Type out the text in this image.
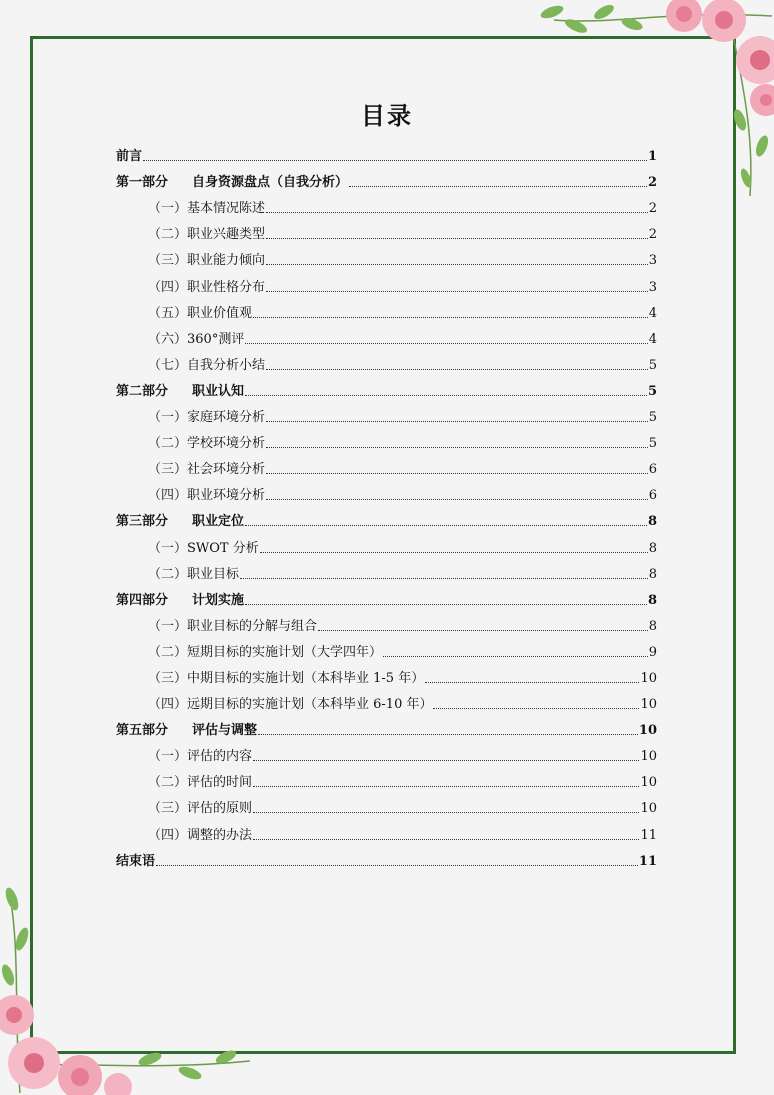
目录
前言	1
第一部分	自身资源盘点（自我分析）	2
（一）基本情况陈述	2
（二）职业兴趣类型	2
（三）职业能力倾向	3
（四）职业性格分布	3
（五）职业价值观	4
（六）360°测评	4
（七）自我分析小结	5
第二部分	职业认知	5
（一）家庭环境分析	5
（二）学校环境分析	5
（三）社会环境分析	6
（四）职业环境分析	6
第三部分	职业定位	8
（一）SWOT 分析	8
（二）职业目标	8
第四部分	计划实施	8
（一）职业目标的分解与组合	8
（二）短期目标的实施计划（大学四年）	9
（三）中期目标的实施计划（本科毕业 1-5 年）	10
（四）远期目标的实施计划（本科毕业 6-10 年）	10
第五部分	评估与调整	10
（一）评估的内容	10
（二）评估的时间	10
（三）评估的原则	10
（四）调整的办法	11
结束语	11
